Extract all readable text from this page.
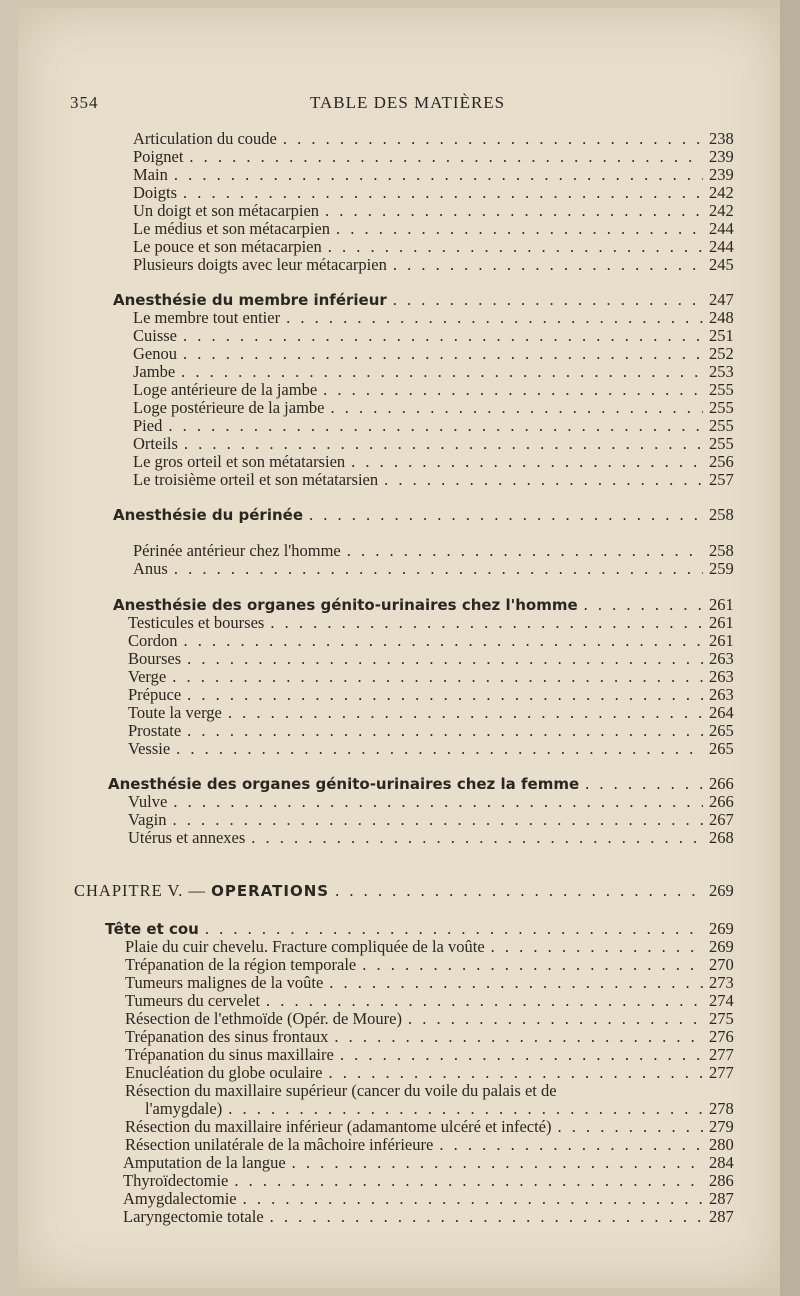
354	TABLE DES MATIÈRES
Articulation du coude . . .	238
Poignet . . .	239
Main . . .	239
Doigts . . .	242
Un doigt et son métacarpien . . .	242
Le médius et son métacarpien . . .	244
Le pouce et son métacarpien . . .	244
Plusieurs doigts avec leur métacarpien . . .	245
Anesthésie du membre inférieur . . .	247
Le membre tout entier . . .	248
Cuisse . . .	251
Genou . . .	252
Jambe . . .	253
Loge antérieure de la jambe . . .	255
Loge postérieure de la jambe . . .	255
Pied . . .	255
Orteils . . .	255
Le gros orteil et son métatarsien . . .	256
Le troisième orteil et son métatarsien . . .	257
Anesthésie du périnée . . .	258
Périnée antérieur chez l'homme . . .	258
Anus . . .	259
Anesthésie des organes génito-urinaires chez l'homme . . .	261
Testicules et bourses . . .	261
Cordon . . .	261
Bourses . . .	263
Verge . . .	263
Prépuce . . .	263
Toute la verge . . .	264
Prostate . . .	265
Vessie . . .	265
Anesthésie des organes génito-urinaires chez la femme . . .	266
Vulve . . .	266
Vagin . . .	267
Utérus et annexes . . .	268
CHAPITRE V. — OPERATIONS . . .	269
Tête et cou . . .	269
Plaie du cuir chevelu. Fracture compliquée de la voûte . . .	269
Trépanation de la région temporale . . .	270
Tumeurs malignes de la voûte . . .	273
Tumeurs du cervelet . . .	274
Résection de l'ethmoïde (Opér. de Moure) . . .	275
Trépanation des sinus frontaux . . .	276
Trépanation du sinus maxillaire . . .	277
Enucléation du globe oculaire . . .	277
Résection du maxillaire supérieur (cancer du voile du palais et de
l'amygdale) . . .	278
Résection du maxillaire inférieur (adamantome ulcéré et infecté) . . .	279
Résection unilatérale de la mâchoire inférieure . . .	280
Amputation de la langue . . .	284
Thyroïdectomie . . .	286
Amygdalectomie . . .	287
Laryngectomie totale . . .	287
